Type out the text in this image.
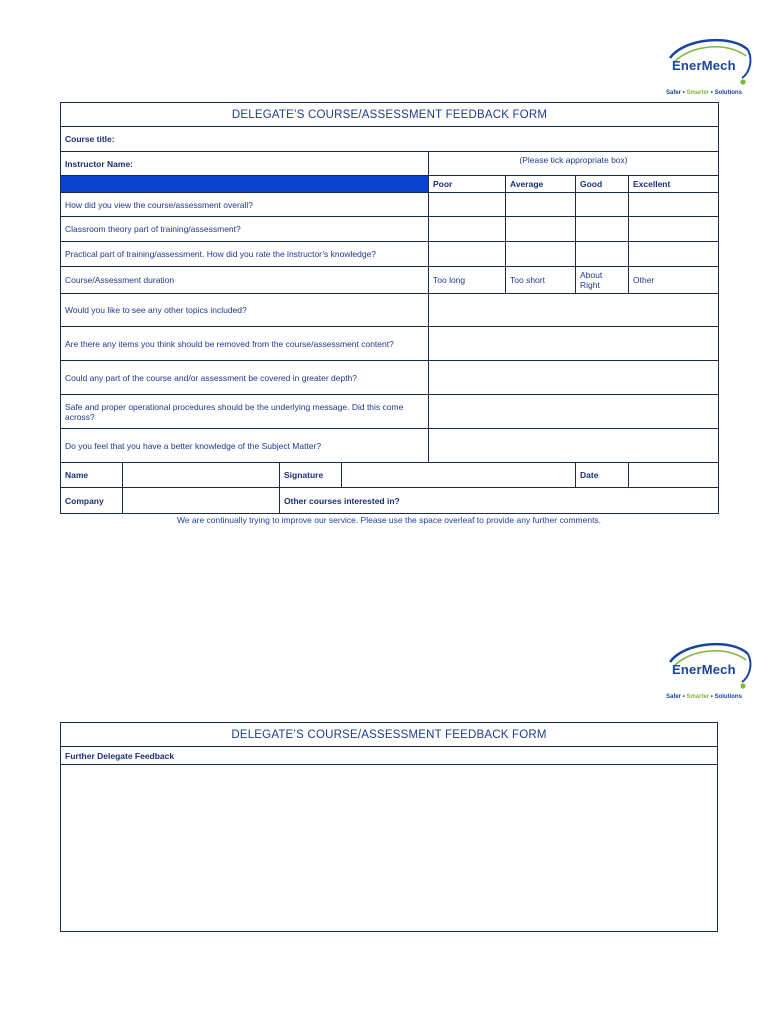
EnerMech
Safer • Smarter • Solutions
DELEGATE’S COURSE/ASSESSMENT FEEDBACK FORM							
Course title:							
Instructor Name:				(Please tick appropriate box)			
				Poor	Average	Good	Excellent
How did you view the course/assessment overall?							
Classroom theory part of training/assessment?							
Practical part of training/assessment. How did you rate the instructor’s knowledge?							
Course/Assessment duration				Too long	Too short	About Right	Other
Would you like to see any other topics included?							
Are there any items you think should be removed from the course/assessment content?							
Could any part of the course and/or assessment be covered in greater depth?							
Safe and proper operational procedures should be the underlying message. Did this come across?							
Do you feel that you have a better knowledge of the Subject Matter?							
Name		Signature				Date	
Company		Other courses interested in?					
We are continually trying to improve our service. Please use the space overleaf to provide any further comments.
EnerMech
Safer • Smarter • Solutions
DELEGATE’S COURSE/ASSESSMENT FEEDBACK FORM
Further Delegate Feedback
